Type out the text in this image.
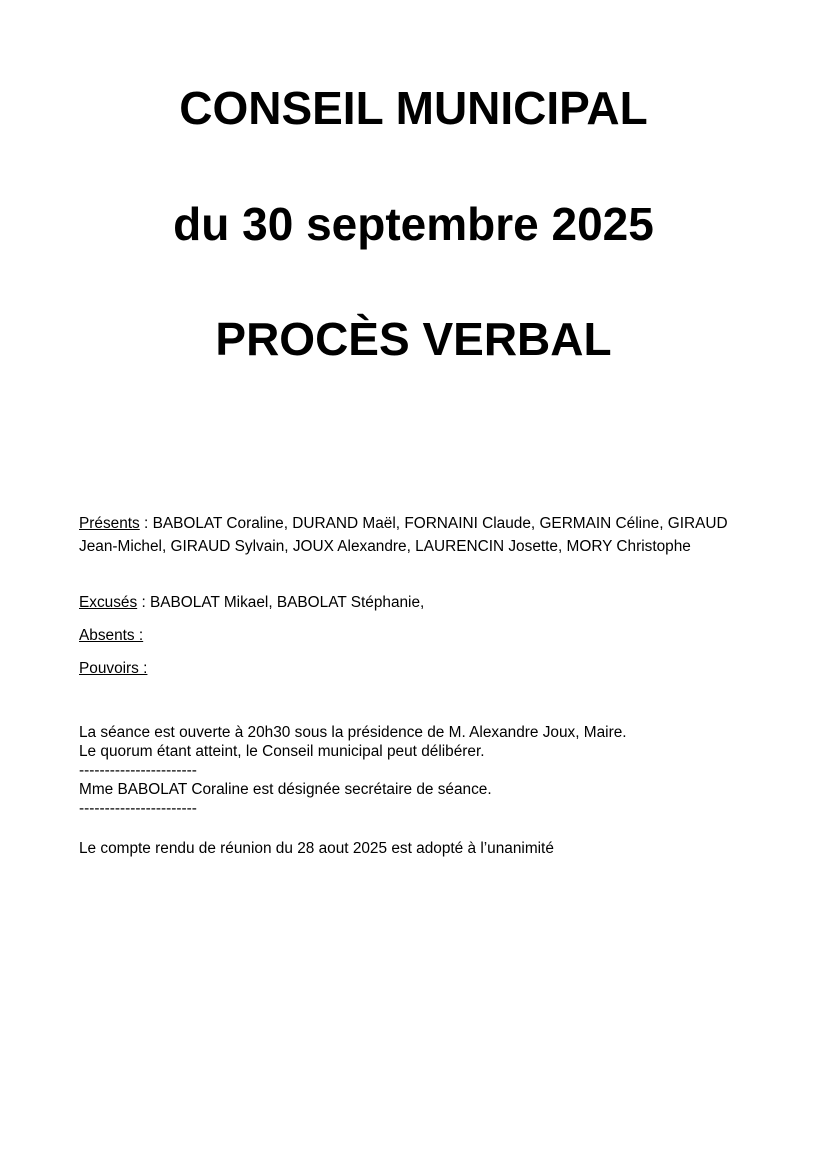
CONSEIL MUNICIPAL
du 30 septembre 2025
PROCÈS VERBAL

Présents : BABOLAT Coraline, DURAND Maël, FORNAINI Claude, GERMAIN Céline, GIRAUD Jean-Michel, GIRAUD Sylvain, JOUX Alexandre, LAURENCIN Josette, MORY Christophe

Excusés : BABOLAT Mikael, BABOLAT Stéphanie,

Absents :

Pouvoirs :

La séance est ouverte à 20h30 sous la présidence de M. Alexandre Joux, Maire.

Le quorum étant atteint, le Conseil municipal peut délibérer.

-----------------------

Mme BABOLAT Coraline est désignée secrétaire de séance.

-----------------------

Le compte rendu de réunion du 28 aout 2025 est adopté à l’unanimité
